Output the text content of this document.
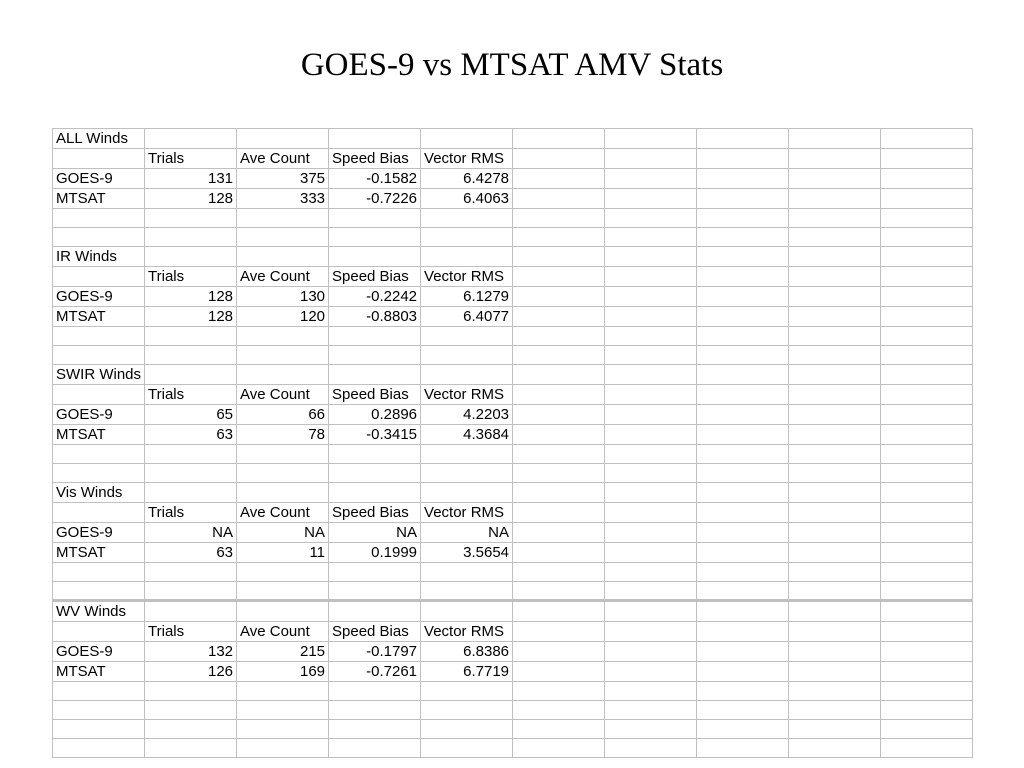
GOES-9 vs MTSAT AMV Stats
ALL Winds									
	Trials	Ave Count	Speed Bias	Vector RMS					
GOES-9	131	375	-0.1582	6.4278					
MTSAT	128	333	-0.7226	6.4063					

IR Winds									
	Trials	Ave Count	Speed Bias	Vector RMS					
GOES-9	128	130	-0.2242	6.1279					
MTSAT	128	120	-0.8803	6.4077					

SWIR Winds									
	Trials	Ave Count	Speed Bias	Vector RMS					
GOES-9	65	66	0.2896	4.2203					
MTSAT	63	78	-0.3415	4.3684					

Vis Winds									
	Trials	Ave Count	Speed Bias	Vector RMS					
GOES-9	NA	NA	NA	NA					
MTSAT	63	11	0.1999	3.5654					

WV Winds									
	Trials	Ave Count	Speed Bias	Vector RMS					
GOES-9	132	215	-0.1797	6.8386					
MTSAT	126	169	-0.7261	6.7719					
